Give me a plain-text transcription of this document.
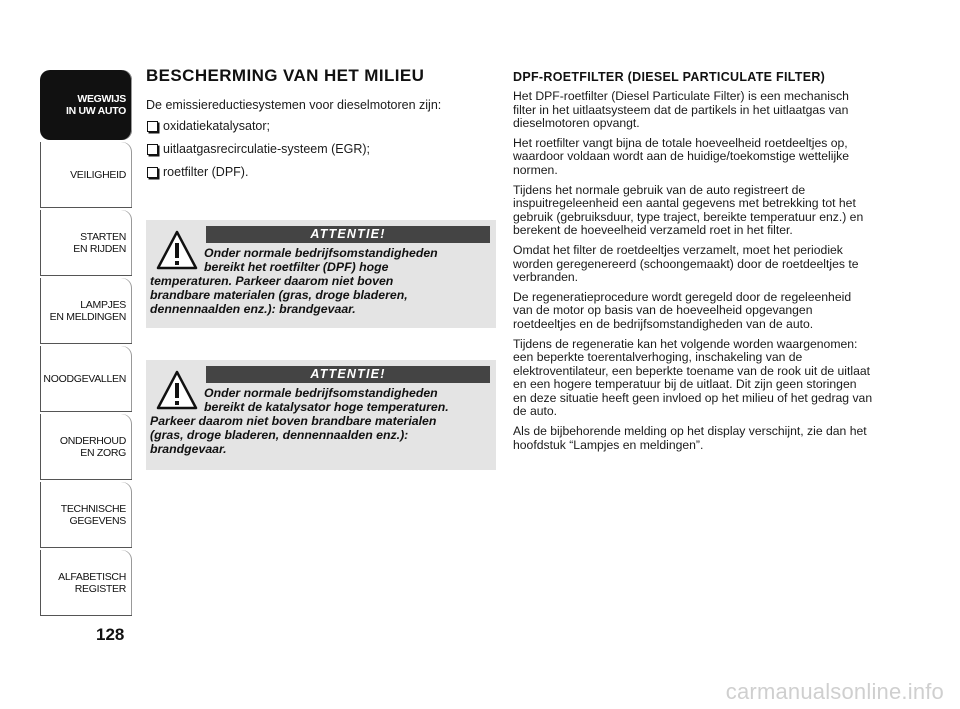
WEGWIJS
IN UW AUTO
VEILIGHEID
STARTEN
EN RIJDEN
LAMPJES
EN MELDINGEN
NOODGEVALLEN
ONDERHOUD
EN ZORG
TECHNISCHE
GEGEVENS
ALFABETISCH
REGISTER
128
BESCHERMING VAN HET MILIEU

De emissiereductiesystemen voor dieselmotoren zijn:

oxidatiekatalysator;
uitlaatgasrecirculatie-systeem (EGR);
roetfilter (DPF).
ATTENTIE!
Onder normale bedrijfsomstandigheden
bereikt het roetfilter (DPF) hoge
temperaturen. Parkeer daarom niet boven
brandbare materialen (gras, droge bladeren,
dennennaalden enz.): brandgevaar.
ATTENTIE!
Onder normale bedrijfsomstandigheden
bereikt de katalysator hoge temperaturen.
Parkeer daarom niet boven brandbare materialen
(gras, droge bladeren, dennennaalden enz.):
brandgevaar.
DPF-ROETFILTER (DIESEL PARTICULATE FILTER)

Het DPF-roetfilter (Diesel Particulate Filter) is een mechanisch filter in het uitlaatsysteem dat de partikels in het uitlaatgas van dieselmotoren opvangt.

Het roetfilter vangt bijna de totale hoeveelheid roetdeeltjes op, waardoor voldaan wordt aan de huidige/toekomstige wettelijke normen.

Tijdens het normale gebruik van de auto registreert de inspuitregeleenheid een aantal gegevens met betrekking tot het gebruik (gebruiksduur, type traject, bereikte temperatuur enz.) en berekent de hoeveelheid verzameld roet in het filter.

Omdat het filter de roetdeeltjes verzamelt, moet het periodiek worden geregenereerd (schoongemaakt) door de roetdeeltjes te verbranden.

De regeneratieprocedure wordt geregeld door de regeleenheid van de motor op basis van de hoeveelheid opgevangen roetdeeltjes en de bedrijfsomstandigheden van de auto.

Tijdens de regeneratie kan het volgende worden waargenomen: een beperkte toerentalverhoging, inschakeling van de elektroventilateur, een beperkte toename van de rook uit de uitlaat en een hogere temperatuur bij de uitlaat. Dit zijn geen storingen en deze situatie heeft geen invloed op het milieu of het gedrag van de auto.

Als de bijbehorende melding op het display verschijnt, zie dan het hoofdstuk “Lampjes en meldingen”.

carmanualsonline.info
